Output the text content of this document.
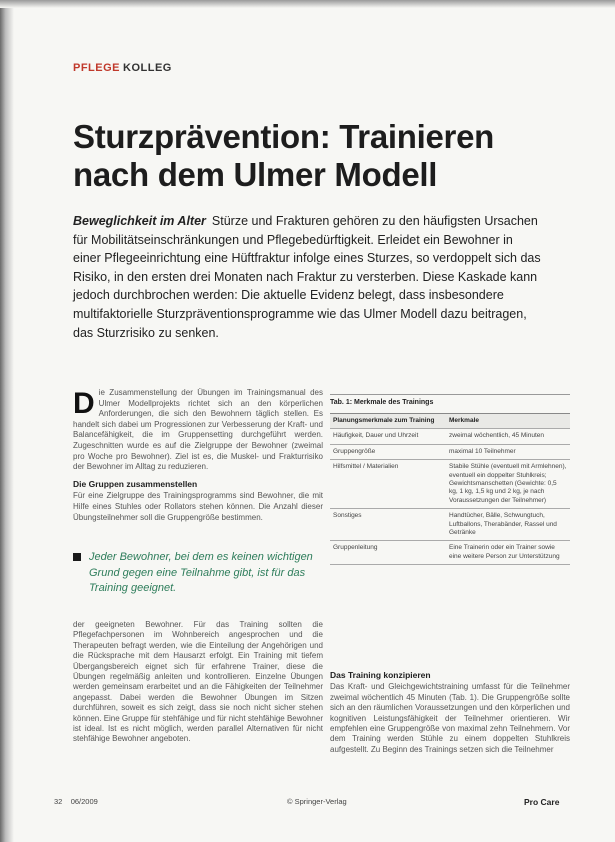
PFLEGE KOLLEG
Sturzprävention: Trainieren
nach dem Ulmer Modell
Beweglichkeit im Alter Stürze und Frakturen gehören zu den häufigsten Ursachen für Mobilitätseinschränkungen und Pflegebedürftigkeit. Erleidet ein Bewohner in einer Pflegeeinrichtung eine Hüftfraktur infolge eines Sturzes, so verdoppelt sich das Risiko, in den ersten drei Monaten nach Fraktur zu versterben. Diese Kaskade kann jedoch durchbrochen werden: Die aktuelle Evidenz belegt, dass insbesondere multifaktorielle Sturzpräventionsprogramme wie das Ulmer Modell dazu beitragen, das Sturzrisiko zu senken.
Die Zusammenstellung der Übungen im Trainingsmanual des Ulmer Modellprojekts richtet sich an den körperlichen Anforderungen, die sich den Bewohnern täglich stellen. Es handelt sich dabei um Progressionen zur Verbesserung der Kraft- und Balancefähigkeit, die im Gruppensetting durchgeführt werden. Zugeschnitten wurde es auf die Zielgruppe der Bewohner (zweimal pro Woche pro Bewohner). Ziel ist es, die Muskel- und Frakturrisiko der Bewohner im Alltag zu reduzieren.
Die Gruppen zusammenstellen
Für eine Zielgruppe des Trainingsprogramms sind Bewohner, die mit Hilfe eines Stuhles oder Rollators stehen können. Die Anzahl dieser Übungsteilnehmer soll die Gruppengröße bestimmen.
Jeder Bewohner, bei dem es keinen wichtigen Grund gegen eine Teilnahme gibt, ist für das Training geeignet.
der geeigneten Bewohner. Für das Training sollten die Pflegefachpersonen im Wohnbereich angesprochen und die Therapeuten befragt werden, wie die Einteilung der Angehörigen und die Rücksprache mit dem Hausarzt erfolgt. Ein Training mit tiefem Übergangsbereich eignet sich für erfahrene Trainer, diese die Übungen regelmäßig anleiten und kontrollieren. Einzelne Übungen werden gemeinsam erarbeitet und an die Fähigkeiten der Teilnehmer angepasst. Dabei werden die Bewohner Übungen im Sitzen durchführen, soweit es sich zeigt, dass sie noch nicht sicher stehen können. Eine Gruppe für stehfähige und für nicht stehfähige Bewohner ist ideal. Ist es nicht möglich, werden parallel Alternativen für nicht stehfähige Bewohner angeboten.
Tab. 1: Merkmale des Trainings
Planungsmerkmale zum Training	Merkmale
Häufigkeit, Dauer und Uhrzeit	zweimal wöchentlich, 45 Minuten
Gruppengröße	maximal 10 Teilnehmer
Hilfsmittel / Materialien	Stabile Stühle (eventuell mit Armlehnen), eventuell ein doppelter Stuhlkreis; Gewichtsmanschetten (Gewichte: 0,5 kg, 1 kg, 1,5 kg und 2 kg, je nach Voraussetzungen der Teilnehmer)
Sonstiges	Handtücher, Bälle, Schwungtuch, Luftballons, Therabänder, Rassel und Getränke
Gruppenleitung	Eine Trainerin oder ein Trainer sowie eine weitere Person zur Unterstützung
Das Training konzipieren
Das Kraft- und Gleichgewichtstraining umfasst für die Teilnehmer zweimal wöchentlich 45 Minuten (Tab. 1). Die Gruppengröße sollte sich an den räumlichen Voraussetzungen und den körperlichen und kognitiven Leistungsfähigkeit der Teilnehmer orientieren. Wir empfehlen eine Gruppengröße von maximal zehn Teilnehmern. Vor dem Training werden Stühle zu einem doppelten Stuhlkreis aufgestellt. Zu Beginn des Trainings setzen sich die Teilnehmer
32 06/2009	© Springer-Verlag	Pro Care
